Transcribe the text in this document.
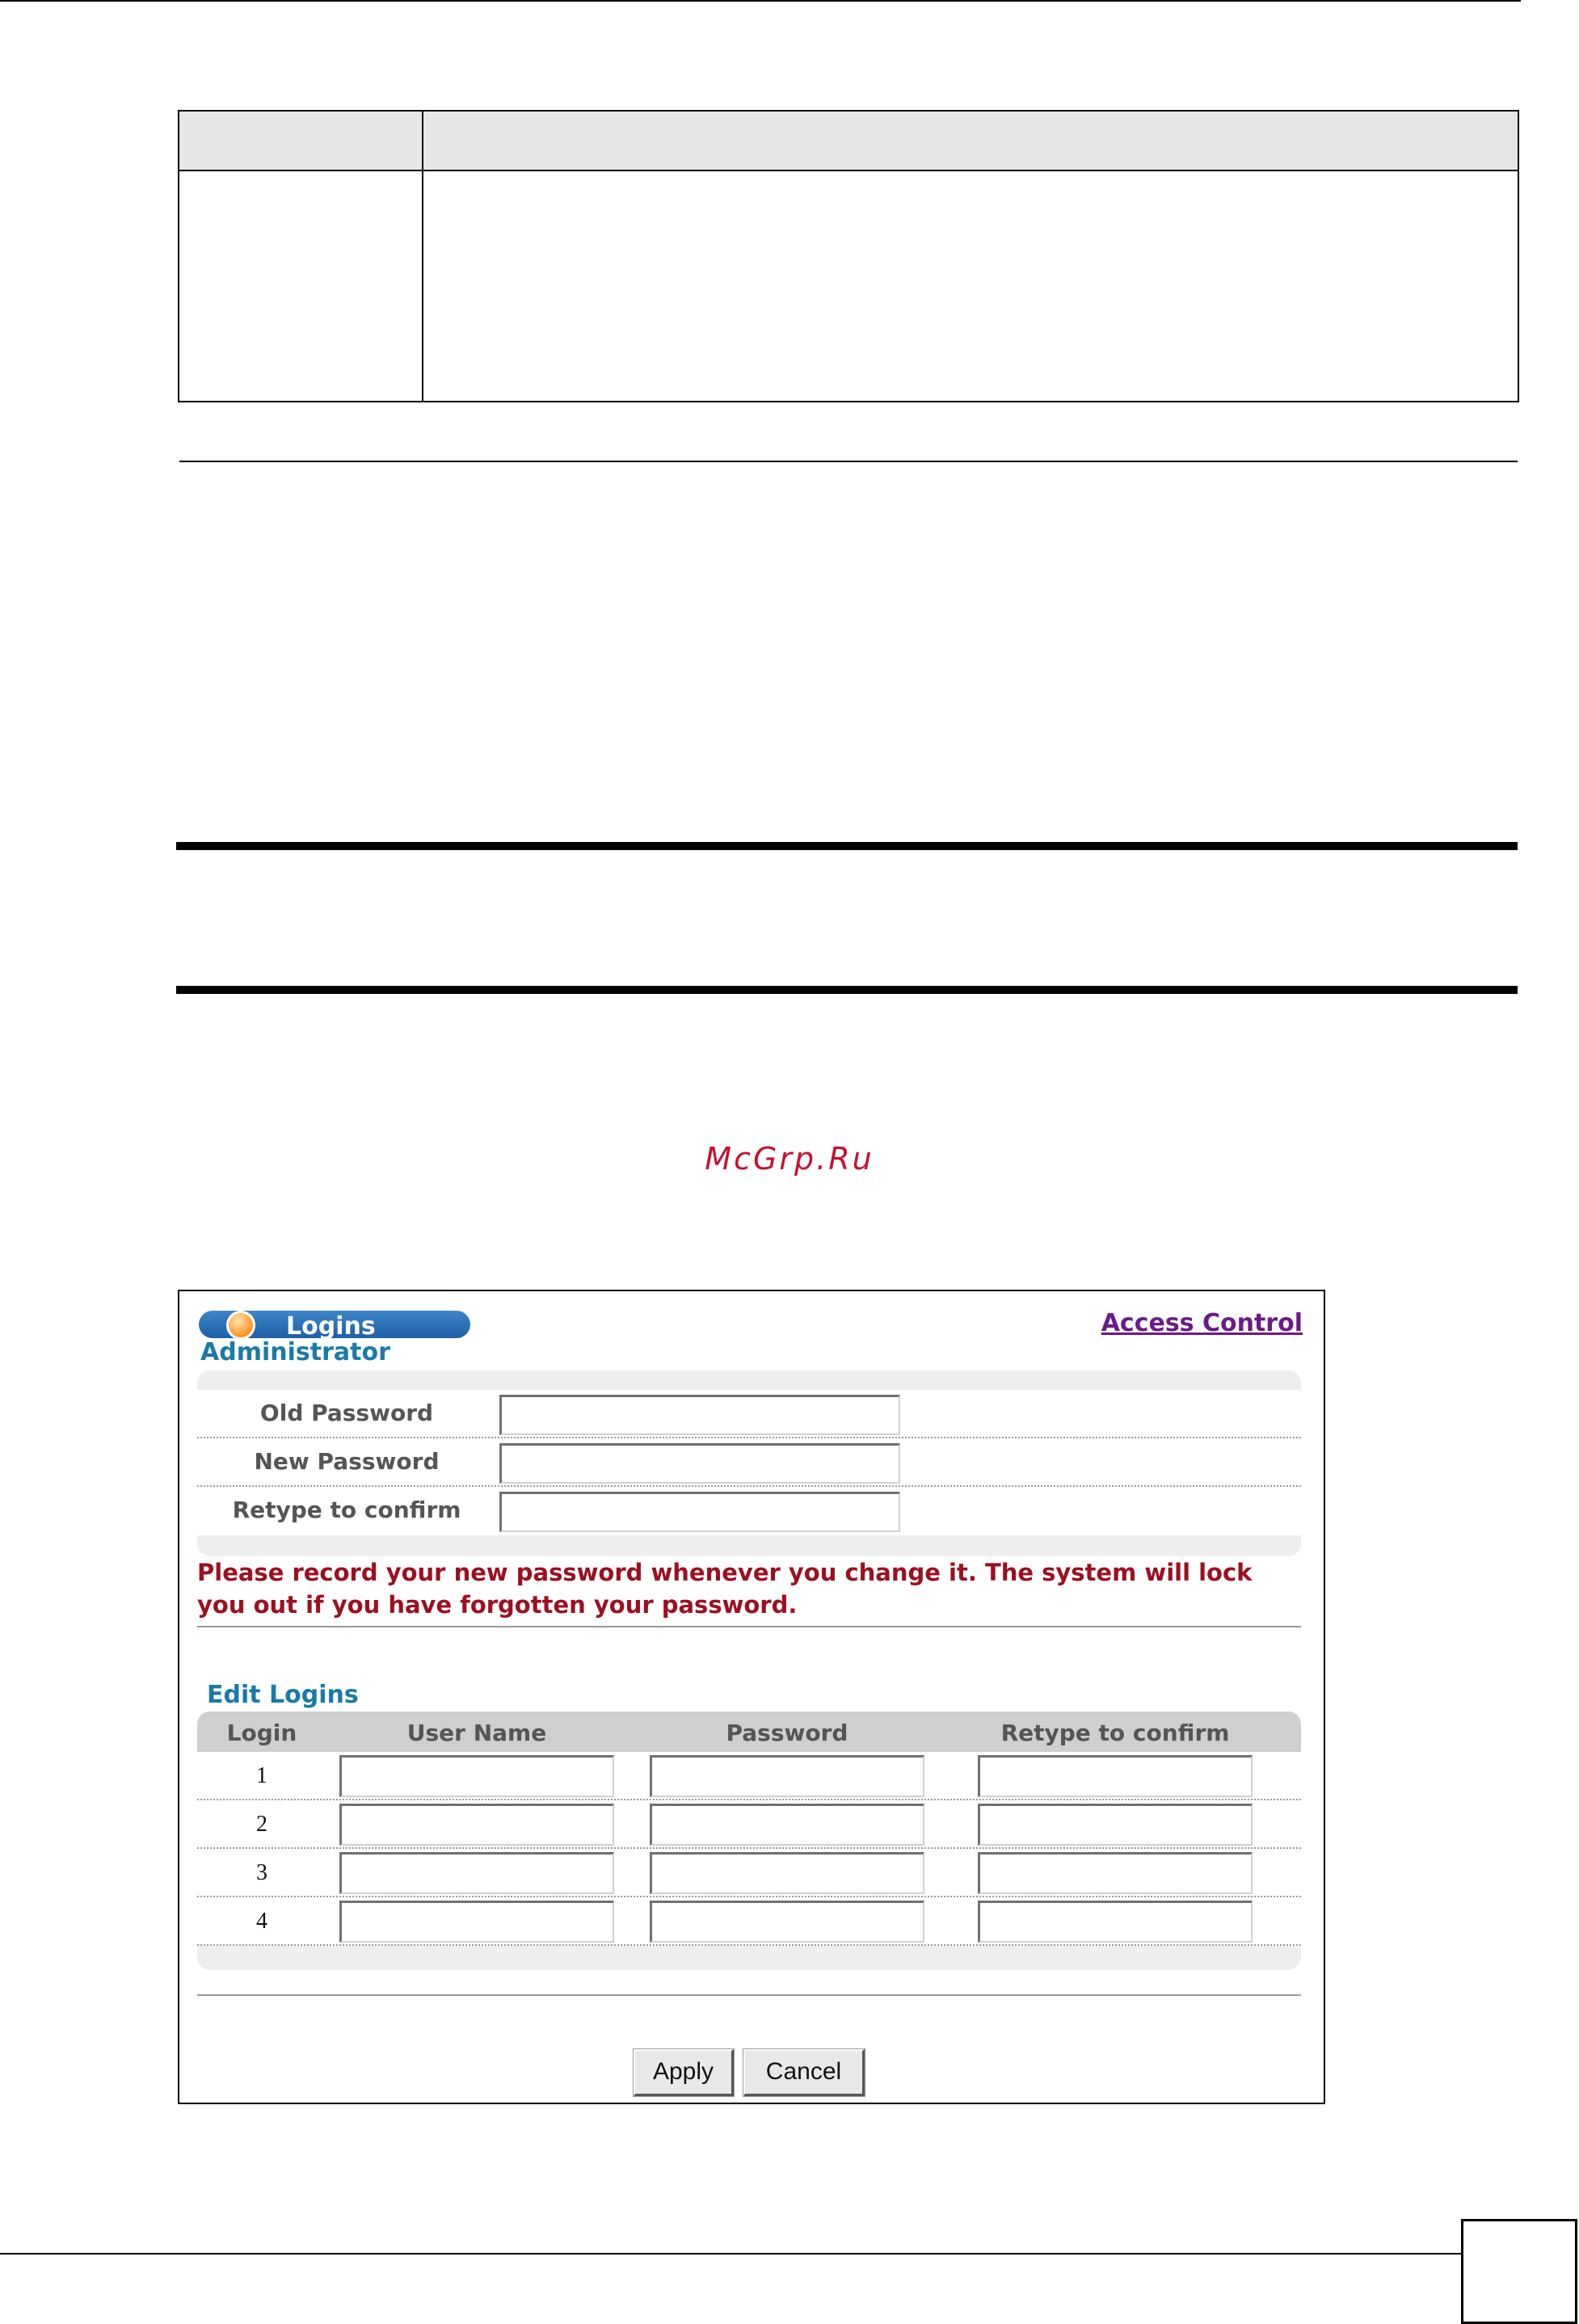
McGrp.Ru
Logins	Access Control
Administrator
Old Password
New Password
Retype to confirm
Please record your new password whenever you change it. The system will lock you out if you have forgotten your password.
Edit Logins
Login	User Name	Password	Retype to confirm
1
2
3
4
Apply	Cancel
